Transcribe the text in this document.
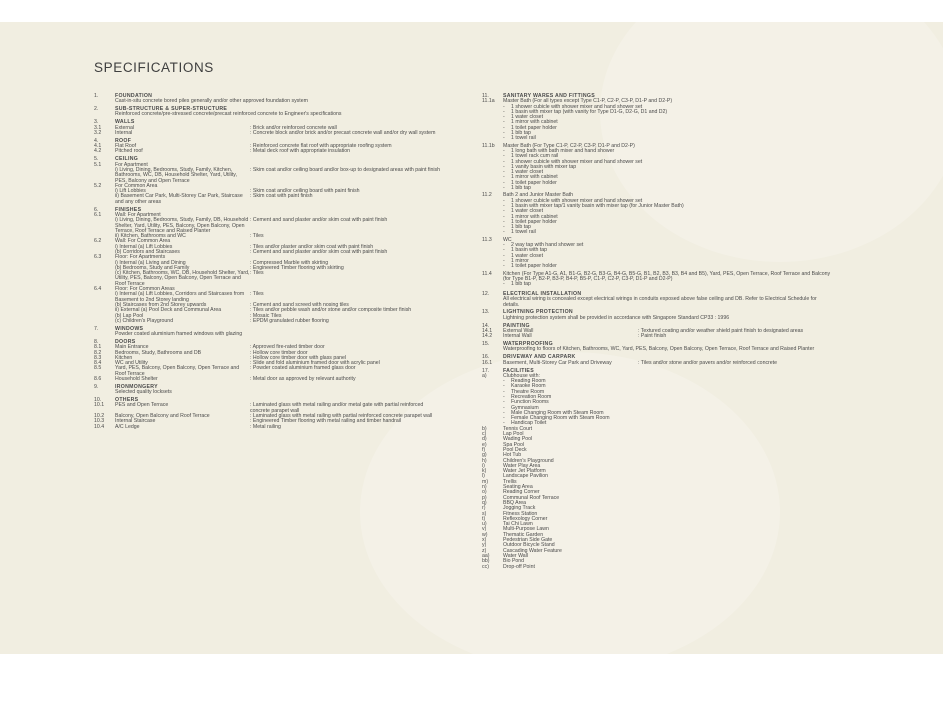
SPECIFICATIONS
1.	FOUNDATION
Cast-in-situ concrete bored piles generally and/or other approved foundation system
2.	SUB-STRUCTURE & SUPER-STRUCTURE
Reinforced concrete/pre-stressed concrete/precast reinforced concrete to Engineer's specifications
3.	WALLS
3.1	External	: Brick and/or reinforced concrete wall
3.2	Internal	: Concrete block and/or brick and/or precast concrete wall and/or dry wall system
4.	ROOF
4.1	Flat Roof	: Reinforced concrete flat roof with appropriate roofing system
4.2	Pitched roof	: Metal deck roof with appropriate insulation
5.	CEILING
5.1	For Apartment
i) Living, Dining, Bedrooms, Study, Family, Kitchen, Bathrooms, WC, DB, Household Shelter, Yard, Utility, PES, Balcony and Open Terrace
: Skim coat and/or ceiling board and/or box-up to designated areas with paint finish
5.2	For Common Area
i) Lift Lobbies	: Skim coat and/or ceiling board with paint finish
ii) Basement Car Park, Multi-Storey Car Park, Staircase and any other areas
: Skim coat with paint finish
6.	FINISHES
6.1	Wall: For Apartment
i) Living, Dining, Bedrooms, Study, Family, DB, Household Shelter, Yard, Utility, PES, Balcony, Open Balcony, Open Terrace, Roof Terrace and Raised Planter
: Cement and sand plaster and/or skim coat with paint finish
ii) Kitchen, Bathrooms and WC	: Tiles
6.2	Wall: For Common Area
i) Internal (a) Lift Lobbies	: Tiles and/or plaster and/or skim coat with paint finish
(b) Corridors and Staircases	: Cement and sand plaster and/or skim coat with paint finish
6.3	Floor: For Apartments
i) Internal (a) Living and Dining	: Compressed Marble with skirting
(b) Bedrooms, Study and Family	: Engineered Timber flooring with skirting
(c) Kitchen, Bathrooms, WC, DB, Household Shelter, Yard, Utility, PES, Balcony, Open Balcony, Open Terrace and Roof Terrace
: Tiles
6.4	Floor: For Common Areas
i) Internal (a) Lift Lobbies, Corridors and Staircases from Basement to 2nd Storey landing
: Tiles
(b) Staircases from 2nd Storey upwards	: Cement and sand screed with nosing tiles
ii) External (a) Pool Deck and Communal Area	: Tiles and/or pebble wash and/or stone and/or composite timber finish
(b) Lap Pool	: Mosaic Tiles
(c) Children's Playground	: EPDM granulated rubber flooring
7.	WINDOWS
Powder coated aluminium framed windows with glazing
8.	DOORS
8.1	Main Entrance	: Approved fire-rated timber door
8.2	Bedrooms, Study, Bathrooms and DB	: Hollow core timber door
8.3	Kitchen	: Hollow core timber door with glass panel
8.4	WC and Utility	: Slide and fold aluminium framed door with acrylic panel
8.5	Yard, PES, Balcony, Open Balcony, Open Terrace and Roof Terrace
: Powder coated aluminium framed glass door
8.6	Household Shelter	: Metal door as approved by relevant authority
9.	IRONMONGERY
Selected quality locksets
10.	OTHERS
10.1	PES and Open Terrace	: Laminated glass with metal railing and/or metal gate with partial reinforced concrete parapet wall
10.2	Balcony, Open Balcony and Roof Terrace	: Laminated glass with metal railing with partial reinforced concrete parapet wall
10.3	Internal Staircase	: Engineered Timber flooring with metal railing and timber handrail
10.4	A/C Ledge	: Metal railing
11.	SANITARY WARES AND FITTINGS
11.1a	Master Bath (For all types except Type C1-P, C2-P, C3-P, D1-P and D2-P)
-	1 shower cubicle with shower mixer and hand shower set
-	1 basin with mixer tap (with vanity for Type D1-G, D2-G, D1 and D2)
-	1 water closet
-	1 mirror with cabinet
-	1 toilet paper holder
-	1 bib tap
-	1 towel rail
11.1b	Master Bath (For Type C1-P, C2-P, C3-P, D1-P and D2-P)
-	1 long bath with bath mixer and hand shower
-	1 towel rack cum rail
-	1 shower cubicle with shower mixer and hand shower set
-	1 vanity basin with mixer tap
-	1 water closet
-	1 mirror with cabinet
-	1 toilet paper holder
-	1 bib tap
11.2	Bath 2 and Junior Master Bath
-	1 shower cubicle with shower mixer and hand shower set
-	1 basin with mixer tap/1 vanity basin with mixer tap (for Junior Master Bath)
-	1 water closet
-	1 mirror with cabinet
-	1 toilet paper holder
-	1 bib tap
-	1 towel rail
11.3	WC
-	2 way tap with hand shower set
-	1 basin with tap
-	1 water closet
-	1 mirror
-	1 toilet paper holder
11.4	Kitchen (For Type A1-G, A1, B1-G, B2-G, B3-G, B4-G, B5-G, B1, B2, B3, B3, B4 and B5), Yard, PES, Open Terrace, Roof Terrace and Balcony (for Type B1-P, B2-P, B3-P, B4-P, B5-P, C1-P, C2-P, C3-P, D1-P and D2-P)
-	1 bib tap
12.	ELECTRICAL INSTALLATION
All electrical wiring is concealed except electrical wirings in conduits exposed above false ceiling and DB. Refer to Electrical Schedule for details.
13.	LIGHTNING PROTECTION
Lightning protection system shall be provided in accordance with Singapore Standard CP33 : 1996
14.	PAINTING
14.1	External Wall	: Textured coating and/or weather shield paint finish to designated areas
14.2	Internal Wall	: Paint finish
15.	WATERPROOFING
Waterproofing to floors of Kitchen, Bathrooms, WC, Yard, PES, Balcony, Open Balcony, Open Terrace, Roof Terrace and Raised Planter
16.	DRIVEWAY AND CARPARK
16.1	Basement, Multi-Storey Car Park and Driveway	: Tiles and/or stone and/or pavers and/or reinforced concrete
17.	FACILITIES
a)	Clubhouse with:
-	Reading Room
-	Karaoke Room
-	Theatre Room
-	Recreation Room
-	Function Rooms
-	Gymnasium
-	Male Changing Room with Steam Room
-	Female Changing Room with Steam Room
-	Handicap Toilet
b)	Tennis Court
c)	Lap Pool
d)	Wading Pool
e)	Spa Pool
f)	Pool Deck
g)	Hot Tub
h)	Children's Playground
i)	Water Play Area
k)	Water Jet Platform
l)	Landscape Pavilion
m)	Trellis
n)	Seating Area
o)	Reading Corner
p)	Communal Roof Terrace
q)	BBQ Area
r)	Jogging Track
s)	Fitness Station
t)	Reflexology Corner
u)	Tai Chi Lawn
v)	Multi-Purpose Lawn
w)	Thematic Garden
x)	Pedestrian Side Gate
y)	Outdoor Bicycle Stand
z)	Cascading Water Feature
aa)	Water Wall
bb)	Bio Pond
cc)	Drop-off Point
